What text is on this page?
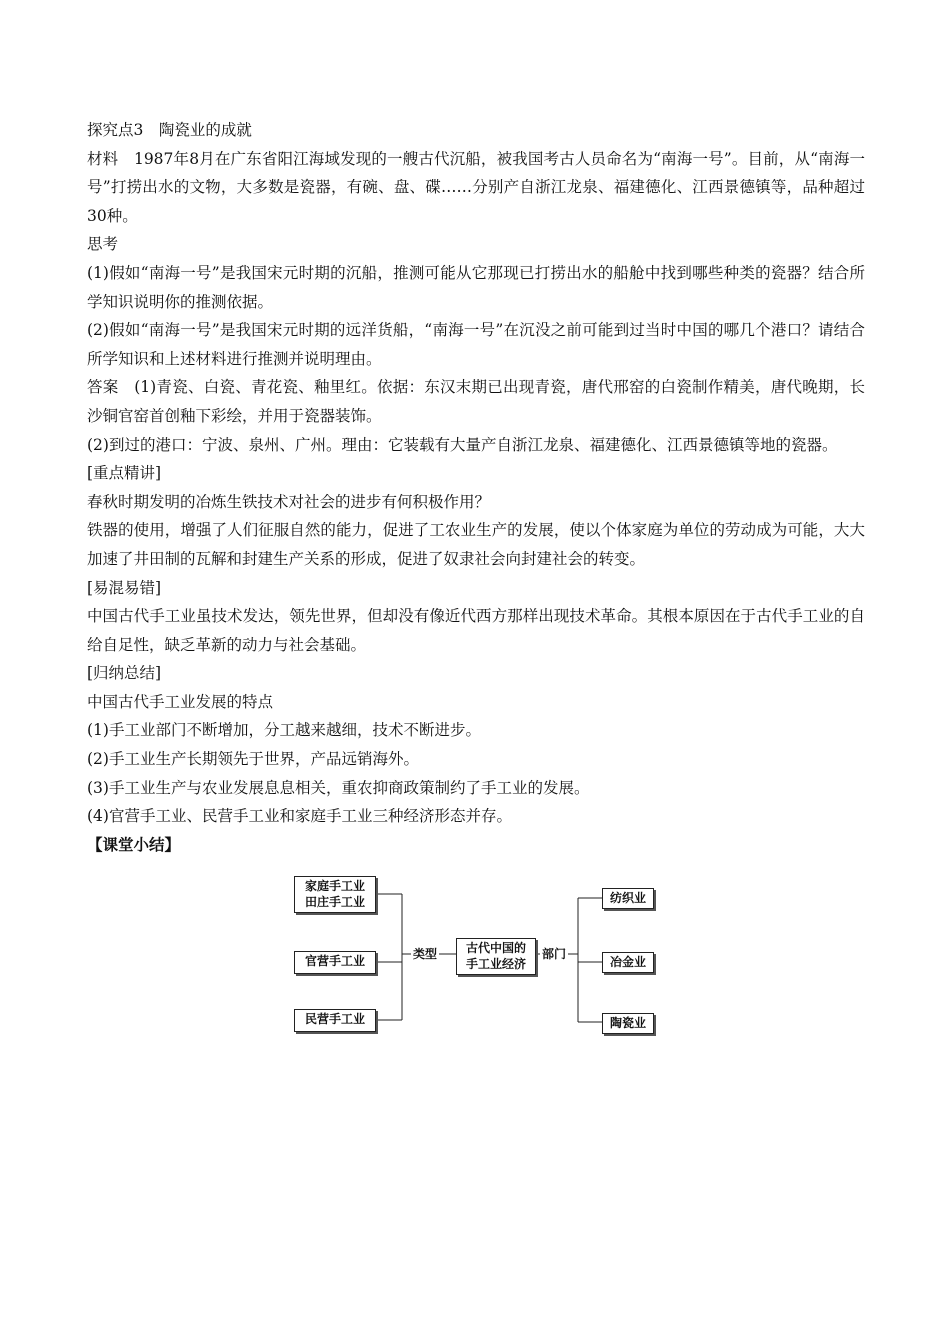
探究点3　陶瓷业的成就

材料　1987年8月在广东省阳江海域发现的一艘古代沉船，被我国考古人员命名为“南海一号”。目前，从“南海一号”打捞出水的文物，大多数是瓷器，有碗、盘、碟……分别产自浙江龙泉、福建德化、江西景德镇等，品种超过30种。

思考

(1)假如“南海一号”是我国宋元时期的沉船，推测可能从它那现已打捞出水的船舱中找到哪些种类的瓷器？结合所学知识说明你的推测依据。

(2)假如“南海一号”是我国宋元时期的远洋货船，“南海一号”在沉没之前可能到过当时中国的哪几个港口？请结合所学知识和上述材料进行推测并说明理由。

答案　(1)青瓷、白瓷、青花瓷、釉里红。依据：东汉末期已出现青瓷，唐代邢窑的白瓷制作精美，唐代晚期，长沙铜官窑首创釉下彩绘，并用于瓷器装饰。

(2)到过的港口：宁波、泉州、广州。理由：它装载有大量产自浙江龙泉、福建德化、江西景德镇等地的瓷器。

[重点精讲]

春秋时期发明的冶炼生铁技术对社会的进步有何积极作用？

铁器的使用，增强了人们征服自然的能力，促进了工农业生产的发展，使以个体家庭为单位的劳动成为可能，大大加速了井田制的瓦解和封建生产关系的形成，促进了奴隶社会向封建社会的转变。

[易混易错]

中国古代手工业虽技术发达，领先世界，但却没有像近代西方那样出现技术革命。其根本原因在于古代手工业的自给自足性，缺乏革新的动力与社会基础。

[归纳总结]

中国古代手工业发展的特点

(1)手工业部门不断增加，分工越来越细，技术不断进步。

(2)手工业生产长期领先于世界，产品远销海外。

(3)手工业生产与农业发展息息相关，重农抑商政策制约了手工业的发展。

(4)官营手工业、民营手工业和家庭手工业三种经济形态并存。

【课堂小结】

家庭手工业
田庄手工业
官营手工业
民营手工业
类型	古代中国的
手工业经济
部门
纺织业
冶金业
陶瓷业
